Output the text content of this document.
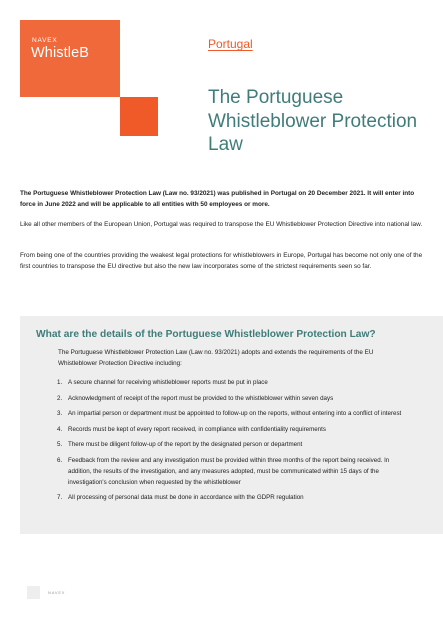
NAVEX
WhistleB
Portugal
The Portuguese Whistleblower Protection Law

The Portuguese Whistleblower Protection Law (Law no. 93/2021) was published in Portugal on 20 December 2021. It will enter into force in June 2022 and will be applicable to all entities with 50 employees or more.

Like all other members of the European Union, Portugal was required to transpose the EU Whistleblower Protection Directive into national law.

From being one of the countries providing the weakest legal protections for whistleblowers in Europe, Portugal has become not only one of the first countries to transpose the EU directive but also the new law incorporates some of the strictest requirements seen so far.

What are the details of the Portuguese Whistleblower Protection Law?

The Portuguese Whistleblower Protection Law (Law no. 93/2021) adopts and extends the requirements of the EU Whistleblower Protection Directive including:

1. A secure channel for receiving whistleblower reports must be put in place
2. Acknowledgment of receipt of the report must be provided to the whistleblower within seven days
3. An impartial person or department must be appointed to follow-up on the reports, without entering into a conflict of interest
4. Records must be kept of every report received, in compliance with confidentiality requirements
5. There must be diligent follow-up of the report by the designated person or department
6. Feedback from the review and any investigation must be provided within three months of the report being received. In addition, the results of the investigation, and any measures adopted, must be communicated within 15 days of the investigation's conclusion when requested by the whistleblower
7. All processing of personal data must be done in accordance with the GDPR regulation
NAVEX
